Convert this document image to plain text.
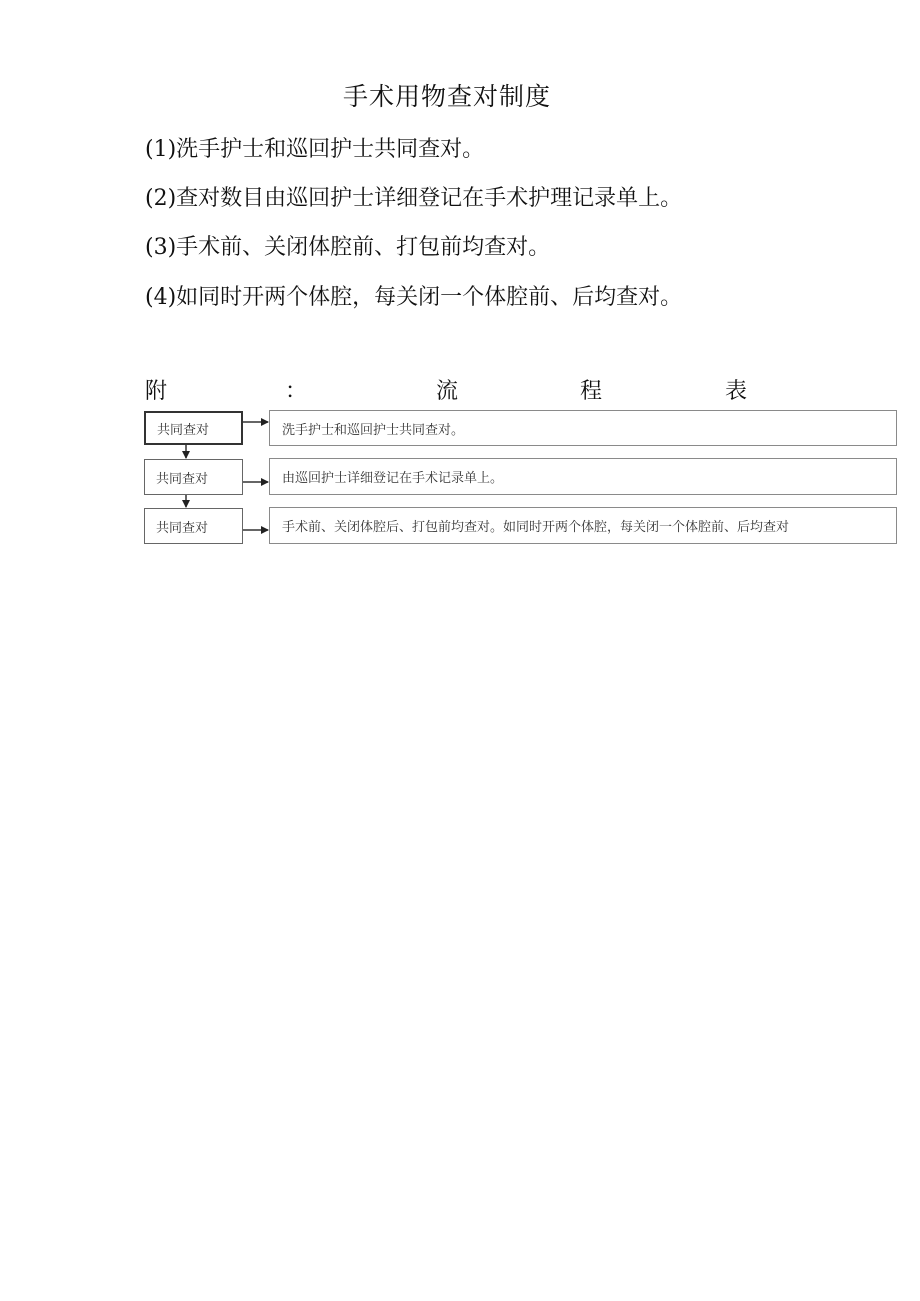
手术用物查对制度
(1)洗手护士和巡回护士共同查对。
(2)查对数目由巡回护士详细登记在手术护理记录单上。
(3)手术前、关闭体腔前、打包前均查对。
(4)如同时开两个体腔，每关闭一个体腔前、后均查对。
附	：	流	程	表
共同查对
共同查对
共同查对
洗手护士和巡回护士共同查对。
由巡回护士详细登记在手术记录单上。
手术前、关闭体腔后、打包前均查对。如同时开两个体腔，每关闭一个体腔前、后均查对
